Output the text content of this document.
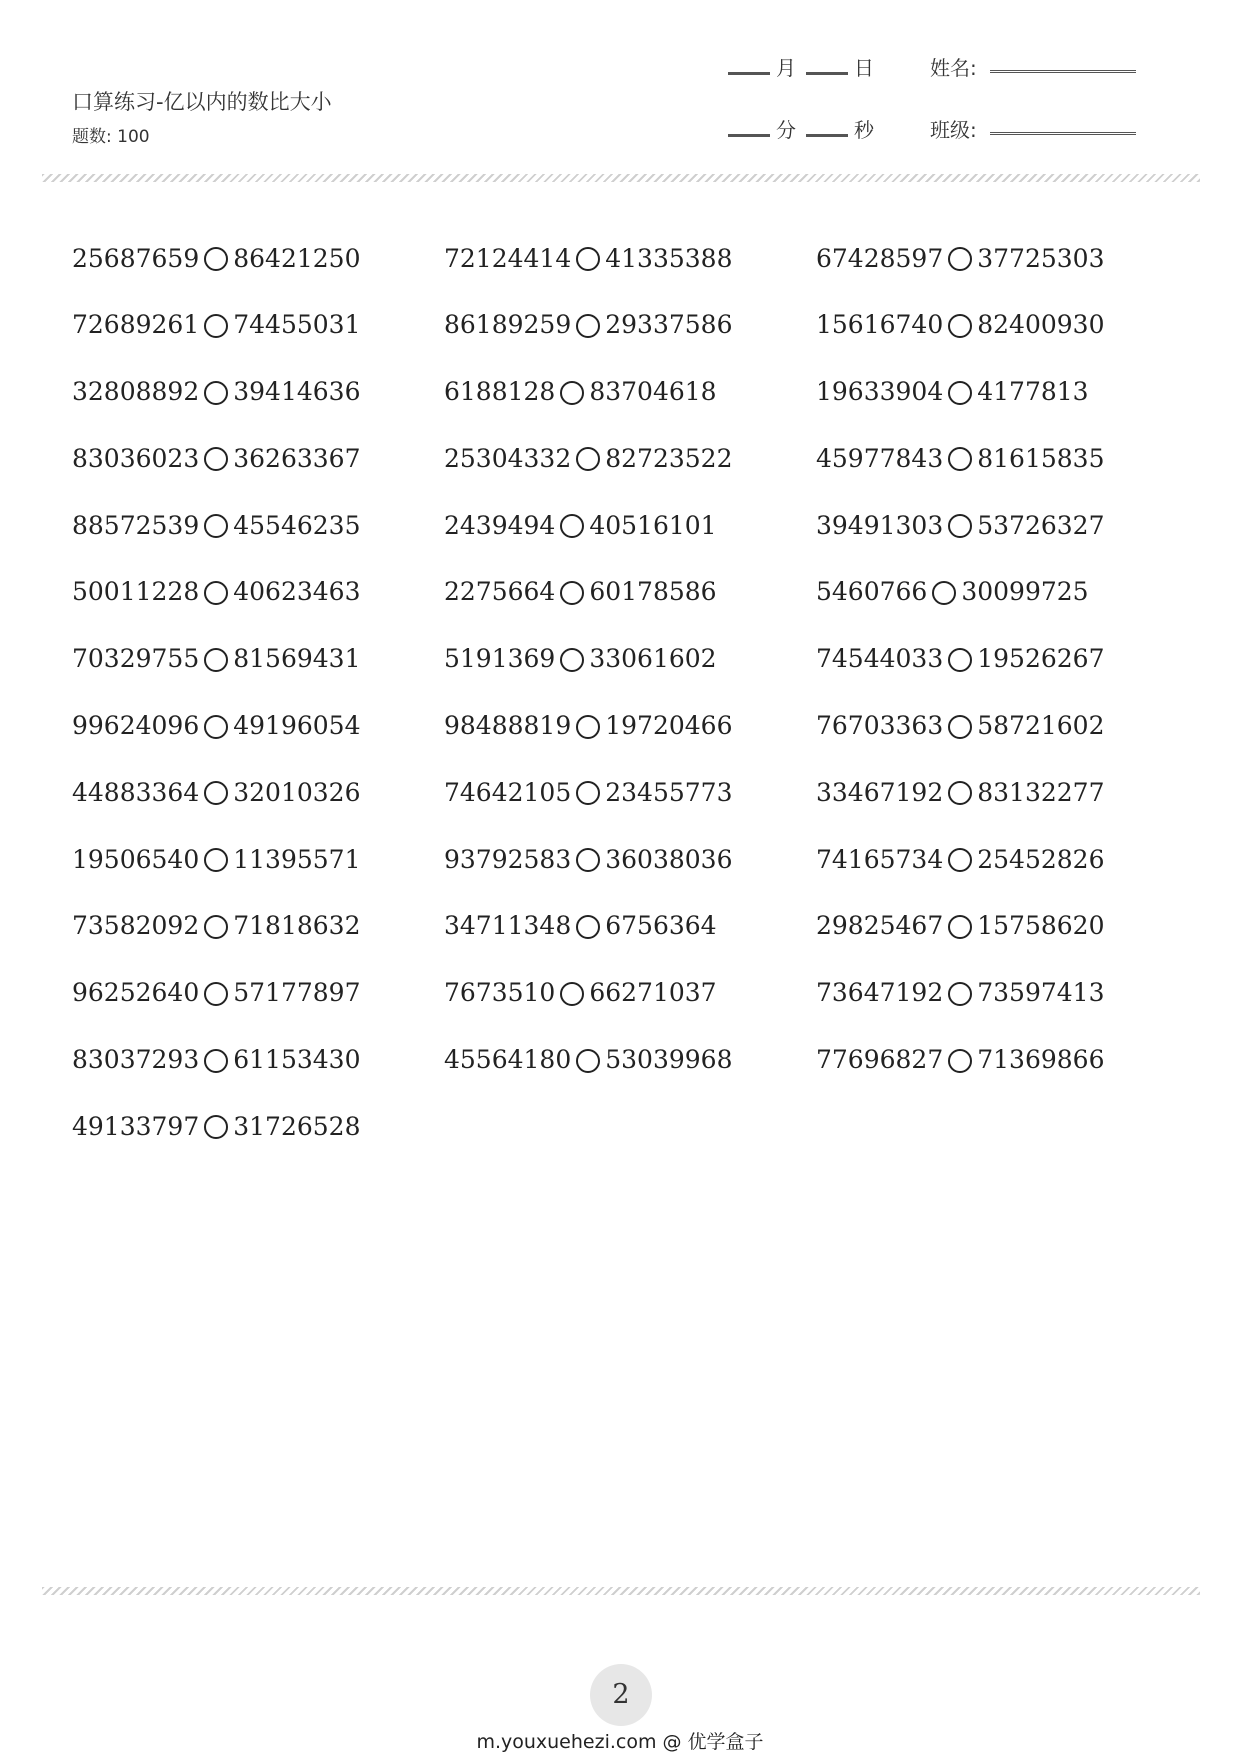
口算练习-亿以内的数比大小
题数: 100
月	日	姓名:
分	秒	班级:
25687659 86421250	72124414 41335388	67428597 37725303
72689261 74455031	86189259 29337586	15616740 82400930
32808892 39414636	6188128 83704618	19633904 4177813
83036023 36263367	25304332 82723522	45977843 81615835
88572539 45546235	2439494 40516101	39491303 53726327
50011228 40623463	2275664 60178586	5460766 30099725
70329755 81569431	5191369 33061602	74544033 19526267
99624096 49196054	98488819 19720466	76703363 58721602
44883364 32010326	74642105 23455773	33467192 83132277
19506540 11395571	93792583 36038036	74165734 25452826
73582092 71818632	34711348 6756364	29825467 15758620
96252640 57177897	7673510 66271037	73647192 73597413
83037293 61153430	45564180 53039968	77696827 71369866
49133797 31726528
2
m.youxuehezi.com @ 优学盒子
